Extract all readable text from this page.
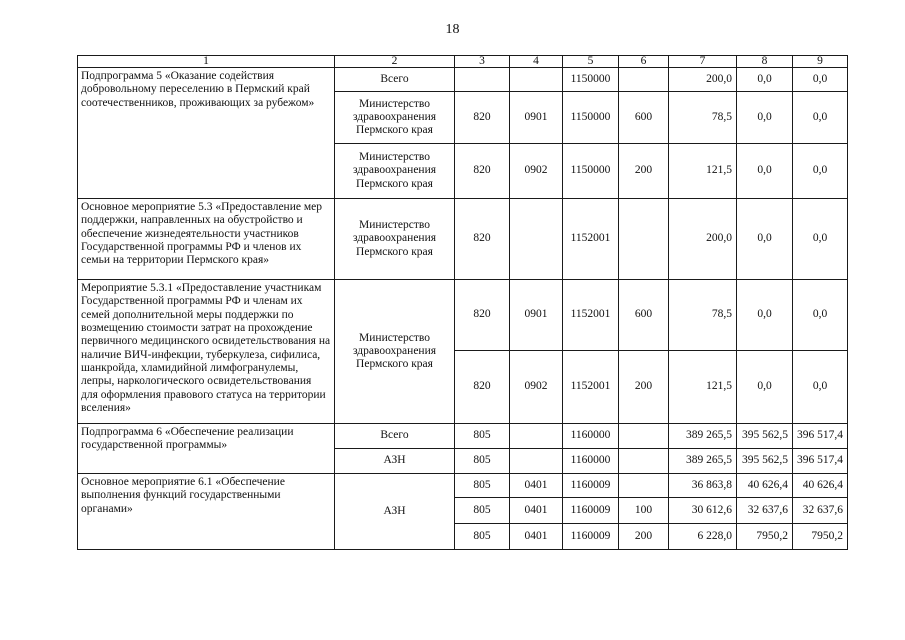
18
1	2	3	4	5	6	7	8	9
Подпрограмма 5 «Оказание содействия добровольному переселению в Пермский край соотечественников, проживающих за рубежом»	Всего			1150000		200,0	0,0	0,0
	Министерство здравоохранения Пермского края	820	0901	1150000	600	78,5	0,0	0,0
	Министерство здравоохранения Пермского края	820	0902	1150000	200	121,5	0,0	0,0
Основное мероприятие 5.3 «Предоставление мер поддержки, направленных на обустройство и обеспечение жизнедеятельности участников Государственной программы РФ и членов их семьи на территории Пермского края»	Министерство здравоохранения Пермского края	820		1152001		200,0	0,0	0,0
Мероприятие 5.3.1 «Предоставление участникам Государственной программы РФ и членам их семей дополнительной меры поддержки по возмещению стоимости затрат на прохождение первичного медицинского освидетельствования на наличие ВИЧ-инфекции, туберкулеза, сифилиса, шанкройда, хламидийной лимфогранулемы, лепры, наркологического освидетельствования для оформления правового статуса на территории вселения»	Министерство здравоохранения Пермского края	820	0901	1152001	600	78,5	0,0	0,0
		820	0902	1152001	200	121,5	0,0	0,0
Подпрограмма 6 «Обеспечение реализации государственной программы»	Всего	805		1160000		389 265,5	395 562,5	396 517,4
	АЗН	805		1160000		389 265,5	395 562,5	396 517,4
Основное мероприятие 6.1 «Обеспечение выполнения функций государственными органами»	АЗН	805	0401	1160009		36 863,8	40 626,4	40 626,4
		805	0401	1160009	100	30 612,6	32 637,6	32 637,6
		805	0401	1160009	200	6 228,0	7950,2	7950,2
